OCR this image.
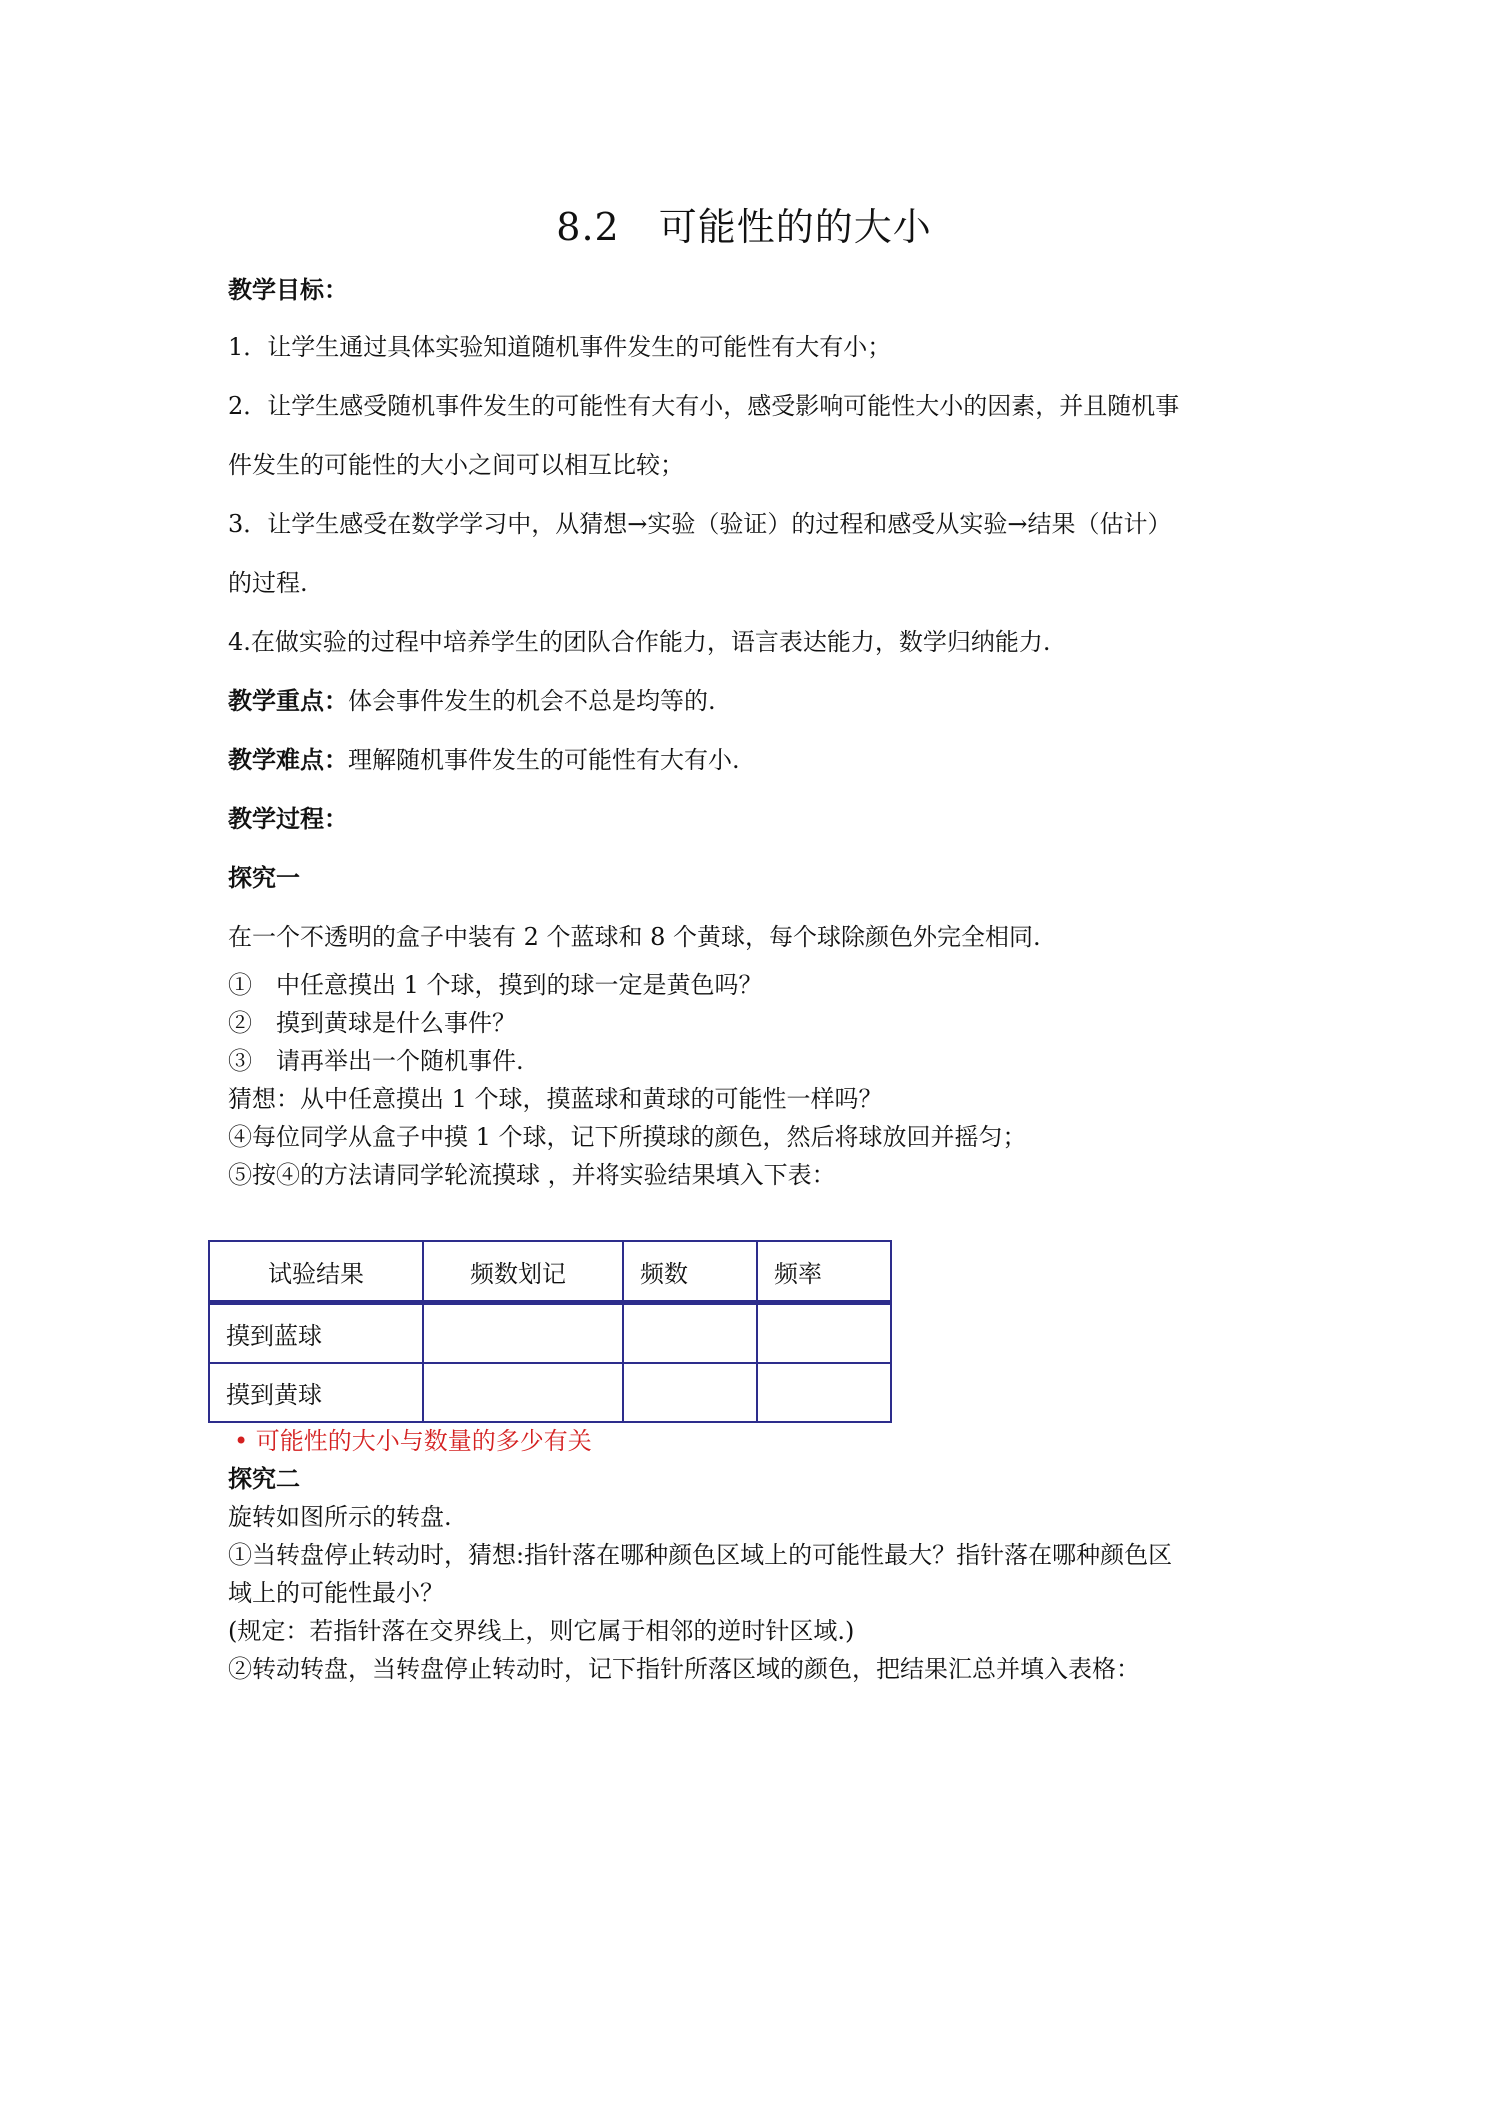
8.2　可能性的的大小
教学目标：
1．让学生通过具体实验知道随机事件发生的可能性有大有小；
2．让学生感受随机事件发生的可能性有大有小，感受影响可能性大小的因素，并且随机事
件发生的可能性的大小之间可以相互比较；
3．让学生感受在数学学习中，从猜想→实验（验证）的过程和感受从实验→结果（估计）
的过程.
4.在做实验的过程中培养学生的团队合作能力，语言表达能力，数学归纳能力.
教学重点：体会事件发生的机会不总是均等的.
教学难点：理解随机事件发生的可能性有大有小.
教学过程：
探究一
在一个不透明的盒子中装有 2 个蓝球和 8 个黄球，每个球除颜色外完全相同.
①　中任意摸出 1 个球，摸到的球一定是黄色吗？
②　摸到黄球是什么事件？
③　请再举出一个随机事件.
猜想：从中任意摸出 1 个球，摸蓝球和黄球的可能性一样吗？
④每位同学从盒子中摸 1 个球，记下所摸球的颜色，然后将球放回并摇匀；
⑤按④的方法请同学轮流摸球 ，并将实验结果填入下表：
试验结果	频数划记	频数	频率
摸到蓝球			
摸到黄球			
• 可能性的大小与数量的多少有关
探究二
旋转如图所示的转盘.
①当转盘停止转动时，猜想:指针落在哪种颜色区域上的可能性最大？指针落在哪种颜色区
域上的可能性最小？
(规定：若指针落在交界线上，则它属于相邻的逆时针区域.)
②转动转盘，当转盘停止转动时，记下指针所落区域的颜色，把结果汇总并填入表格：
